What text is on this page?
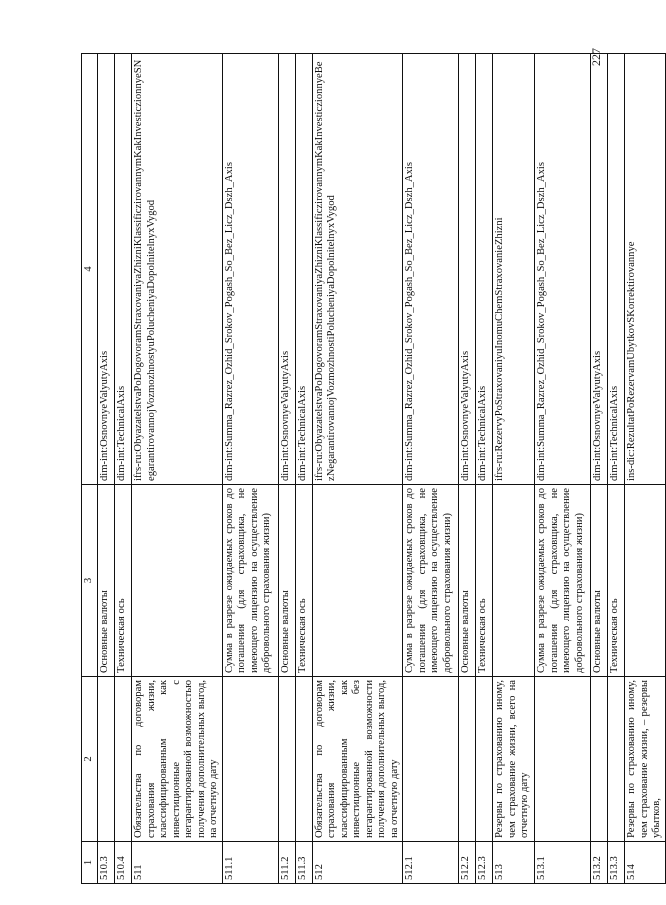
227
1	2	3	4
510.3		Основные валюты	dim-int:OsnovnyeValyutyAxis
510.4		Техническая ось	dim-int:TechnicalAxis
511	Обязательства по договорам страхования жизни, классифицированным как инвестиционные с негарантированной возможностью получения дополнительных выгод, на отчетную дату		ifrs-ru:ObyazatelstvaPoDogovoramStraxovaniyaZhizniKlassificzirovannymKakInvesticzionnyeSNegarantirovannojVozmozhnostyuPolucheniyaDopolnitelnyxVygod
511.1		Сумма в разрезе ожидаемых сроков до погашения (для страховщика, не имеющего лицензию на осуществление добровольного страхования жизни)	dim-int:Summa_Razrez_Ozhid_Srokov_Pogash_So_Bez_Licz_Dszh_Axis
511.2		Основные валюты	dim-int:OsnovnyeValyutyAxis
511.3		Техническая ось	dim-int:TechnicalAxis
512	Обязательства по договорам страхования жизни, классифицированным как инвестиционные без негарантированной возможности получения дополнительных выгод, на отчетную дату		ifrs-ru:ObyazatelstvaPoDogovoramStraxovaniyaZhizniKlassificzirovannymKakInvesticzionnyeBezNegarantirovannojVozmozhnostiPolucheniyaDopolnitelnyxVygod
512.1		Сумма в разрезе ожидаемых сроков до погашения (для страховщика, не имеющего лицензию на осуществление добровольного страхования жизни)	dim-int:Summa_Razrez_Ozhid_Srokov_Pogash_So_Bez_Licz_Dszh_Axis
512.2		Основные валюты	dim-int:OsnovnyeValyutyAxis
512.3		Техническая ось	dim-int:TechnicalAxis
513	Резервы по страхованию иному, чем страхование жизни, всего на отчетную дату		ifrs-ru:RezervyPoStraxovaniyuInomuChemStraxovanieZhizni
513.1		Сумма в разрезе ожидаемых сроков до погашения (для страховщика, не имеющего лицензию на осуществление добровольного страхования жизни)	dim-int:Summa_Razrez_Ozhid_Srokov_Pogash_So_Bez_Licz_Dszh_Axis
513.2		Основные валюты	dim-int:OsnovnyeValyutyAxis
513.3		Техническая ось	dim-int:TechnicalAxis
514	Резервы по страхованию иному, чем страхование жизни, – резервы убытков,		ins-dic:RezultatPoRezervamUbytkovSKorrektirovannye
